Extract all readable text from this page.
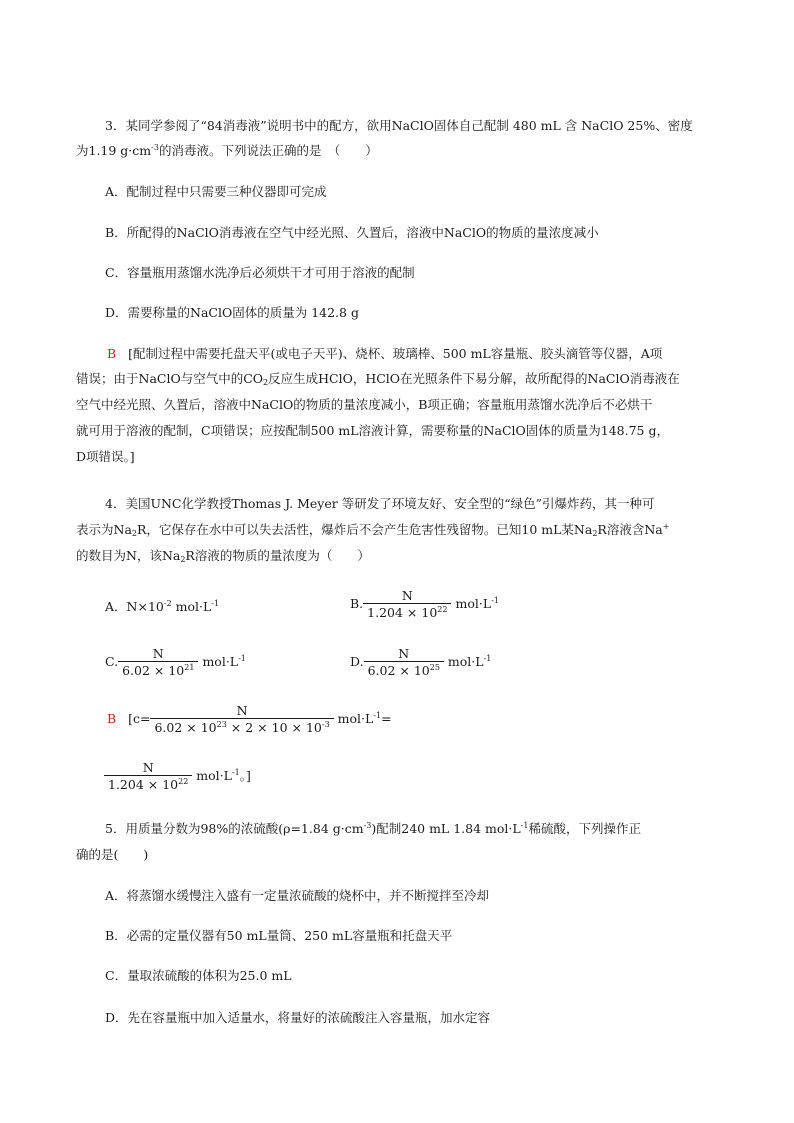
3．某同学参阅了“84消毒液”说明书中的配方，欲用NaClO固体自己配制 480 mL 含 NaClO 25%、密度
为1.19 $g\cdot cm^{-3}$的消毒液。下列说法正确的是　（　　）
A．配制过程中只需要三种仪器即可完成
B．所配得的NaClO消毒液在空气中经光照、久置后，溶液中NaClO的物质的量浓度减小
C．容量瓶用蒸馏水洗净后必须烘干才可用于溶液的配制
D．需要称量的NaClO固体的质量为 142.8 g
B [配制过程中需要托盘天平(或电子天平)、烧杯、玻璃棒、500 mL容量瓶、胶头滴管等仪器，A项
错误；由于NaClO与空气中的$CO_2$反应生成HClO，HClO在光照条件下易分解，故所配得的NaClO消毒液在
空气中经光照、久置后，溶液中NaClO的物质的量浓度减小，B项正确；容量瓶用蒸馏水洗净后不必烘干
就可用于溶液的配制，C项错误；应按配制500 mL溶液计算，需要称量的NaClO固体的质量为148.75 g，
D项错误。]
4．美国UNC化学教授Thomas J. Meyer 等研发了环境友好、安全型的“绿色”引爆炸药，其一种可
表示为$Na_2R$，它保存在水中可以失去活性，爆炸后不会产生危害性残留物。已知10 mL某$Na_2R$溶液含Na+
的数目为N，该$Na_2R$溶液的物质的量浓度为（　　）
A．$N\times 10^{-2}$ $mol\cdot L^{-1}$	B. $\frac{N}{1.204 \times 10^{22}} mol\cdot L^{-1}$
C. $\frac{N}{6.02 \times 10^{21}} mol\cdot L^{-1}$	D. $\frac{N}{6.02 \times 10^{25}} mol\cdot L^{-1}$
B [$c= \frac{N}{6.02 \times 10^{23} \times 2 \times 10 \times 10^{-3}} mol\cdot L^{-1}=$
$\frac{N}{1.204 \times 10^{22}} mol\cdot L^{-1}$。]
5．用质量分数为98%的浓硫酸(ρ=1.84 $g\cdot cm^{-3}$)配制240 mL 1.84 $mol\cdot L^{-1}$稀硫酸，下列操作正
确的是(　　)
A．将蒸馏水缓慢注入盛有一定量浓硫酸的烧杯中，并不断搅拌至冷却
B．必需的定量仪器有50 mL量筒、250 mL容量瓶和托盘天平
C．量取浓硫酸的体积为25.0 mL
D．先在容量瓶中加入适量水，将量好的浓硫酸注入容量瓶，加水定容
